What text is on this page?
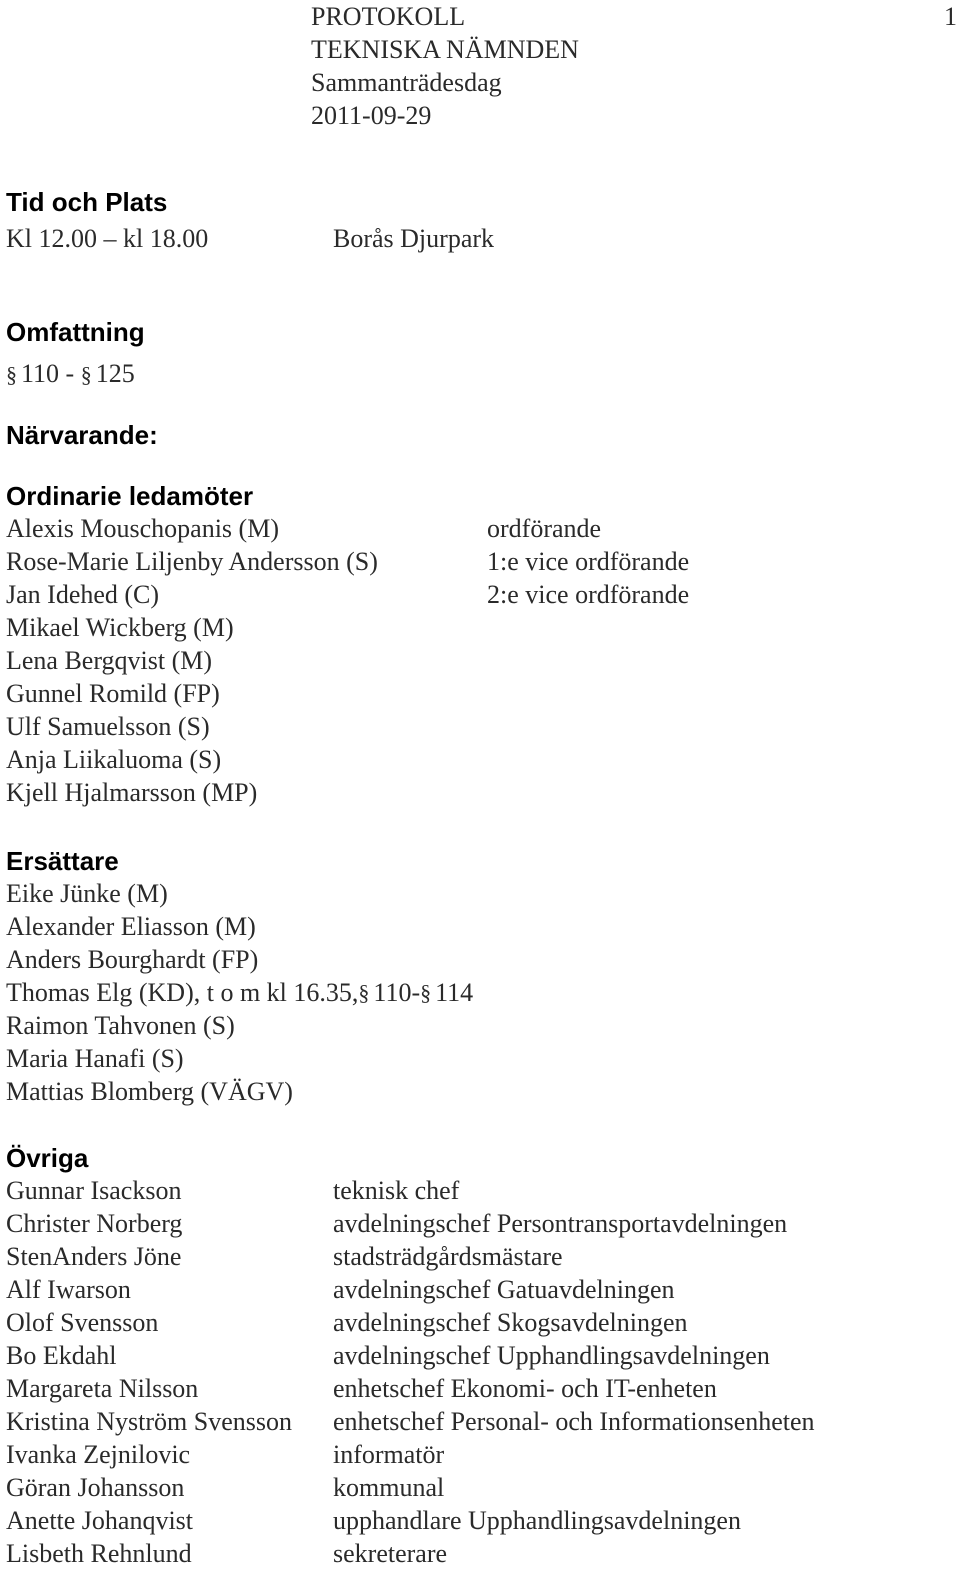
PROTOKOLL
TEKNISKA NÄMNDEN
Sammanträdesdag
2011-09-29
1
Tid och Plats
Kl 12.00 – kl 18.00	Borås Djurpark
Omfattning
§ 110 - § 125
Närvarande:
Ordinarie ledamöter
Alexis Mouschopanis (M)	ordförande
Rose-Marie Liljenby Andersson (S)	1:e vice ordförande
Jan Idehed (C)	2:e vice ordförande
Mikael Wickberg (M)
Lena Bergqvist (M)
Gunnel Romild (FP)
Ulf Samuelsson (S)
Anja Liikaluoma (S)
Kjell Hjalmarsson (MP)
Ersättare
Eike Jünke (M)
Alexander Eliasson (M)
Anders Bourghardt (FP)
Thomas Elg (KD), t o m kl 16.35, § 110- § 114
Raimon Tahvonen (S)
Maria Hanafi (S)
Mattias Blomberg (VÄGV)
Övriga
Gunnar Isackson	teknisk chef
Christer Norberg	avdelningschef Persontransportavdelningen
StenAnders Jöne	stadsträdgårdsmästare
Alf Iwarson	avdelningschef Gatuavdelningen
Olof Svensson	avdelningschef Skogsavdelningen
Bo Ekdahl	avdelningschef Upphandlingsavdelningen
Margareta Nilsson	enhetschef Ekonomi- och IT-enheten
Kristina Nyström Svensson	enhetschef Personal- och Informationsenheten
Ivanka Zejnilovic	informatör
Göran Johansson	kommunal
Anette Johanqvist	upphandlare Upphandlingsavdelningen
Lisbeth Rehnlund	sekreterare
